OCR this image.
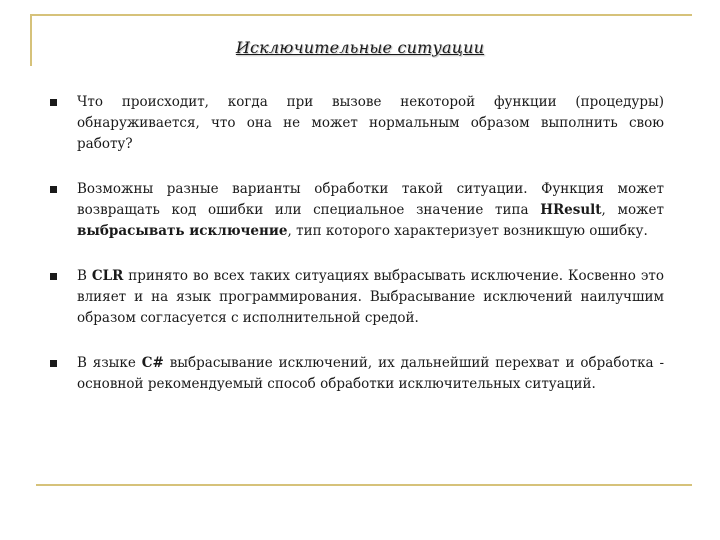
Исключительные ситуации
Что происходит, когда при вызове некоторой функции (процедуры) обнаруживается, что она не может нормальным образом выполнить свою работу?
Возможны разные варианты обработки такой ситуации. Функция может возвращать код ошибки или специальное значение типа HResult, может выбрасывать исключение, тип которого характеризует возникшую ошибку.
В CLR принято во всех таких ситуациях выбрасывать исключение. Косвенно это влияет и на язык программирования. Выбрасывание исключений наилучшим образом согласуется с исполнительной средой.
В языке C# выбрасывание исключений, их дальнейший перехват и обработка - основной рекомендуемый способ обработки исключительных ситуаций.
